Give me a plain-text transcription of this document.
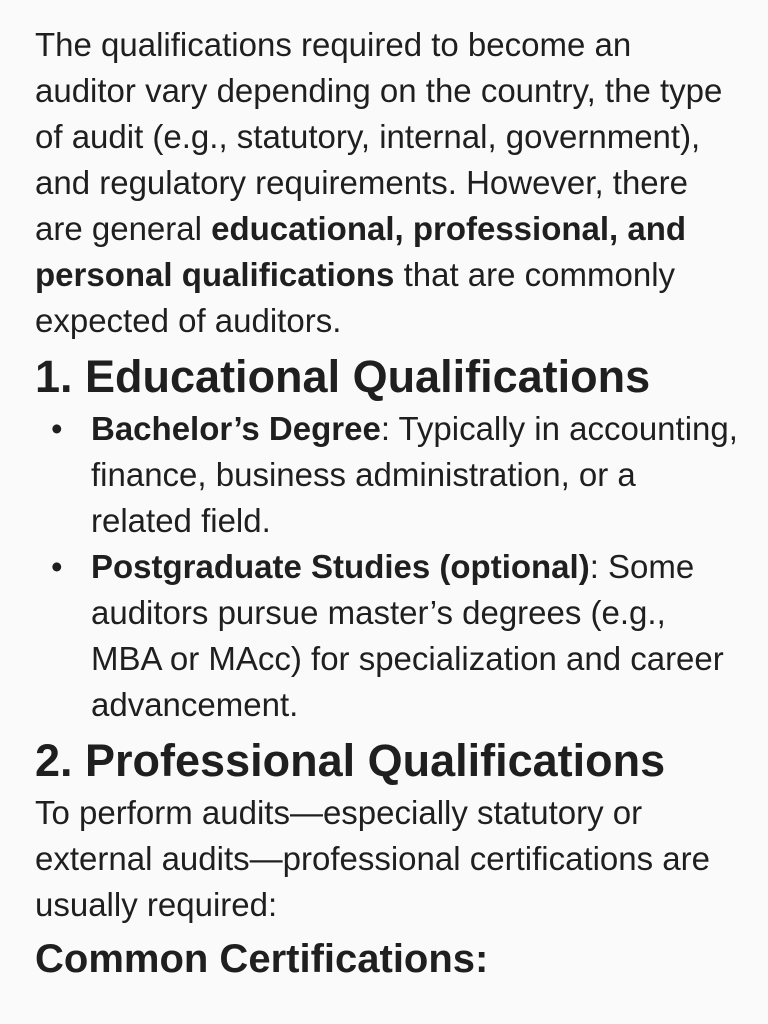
The qualifications required to become an auditor vary depending on the country, the type of audit (e.g., statutory, internal, government), and regulatory requirements. However, there are general educational, professional, and personal qualifications that are commonly expected of auditors.

1. Educational Qualifications
• Bachelor’s Degree: Typically in accounting, finance, business administration, or a related field.
• Postgraduate Studies (optional): Some auditors pursue master’s degrees (e.g., MBA or MAcc) for specialization and career advancement.
2. Professional Qualifications

To perform audits—especially statutory or external audits—professional certifications are usually required:

Common Certifications:
